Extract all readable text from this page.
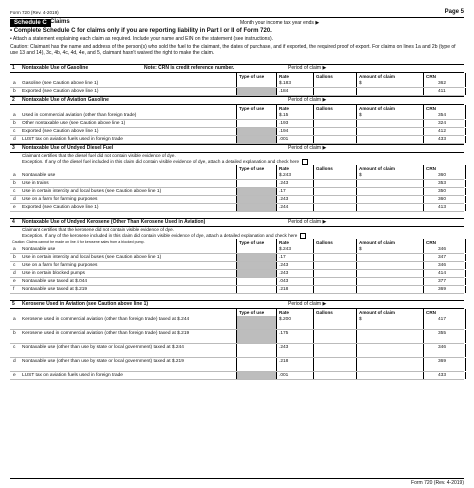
Form 720 (Rev. 4-2019)	Page 5
Schedule C Claims	Month your income tax year ends ▶
• Complete Schedule C for claims only if you are reporting liability in Part I or II of Form 720.
• Attach a statement explaining each claim as required. Include your name and EIN on the statement (see instructions).
Caution: Claimant has the name and address of the person(s) who sold the fuel to the claimant, the dates of purchase, and if exported, the required proof of export. For claims on lines 1a and 2b (type of use 13 and 14), 3c, 4b, 4c, 4d, 4e, and 5, claimant hasn't waived the right to make the claim.
1 Nontaxable Use of Gasoline	Note: CRN is credit reference number.	Period of claim ▶
Type of use	Rate	Gallons	Amount of claim	CRN
a Gasoline (see Caution above line 1)	$.183	$	362
b Exported (see Caution above line 1)	.184	411
2 Nontaxable Use of Aviation Gasoline	Period of claim ▶
Type of use	Rate	Gallons	Amount of claim	CRN
a Used in commercial aviation (other than foreign trade)	$.15	$	354
b Other nontaxable use (see Caution above line 1)	.193	324
c Exported (see Caution above line 1)	.194	412
d LUST tax on aviation fuels used in foreign trade	.001	433
3 Nontaxable Use of Undyed Diesel Fuel	Period of claim ▶
Claimant certifies that the diesel fuel did not contain visible evidence of dye.
Exception. If any of the diesel fuel included in this claim did contain visible evidence of dye, attach a detailed explanation and check here
Type of use	Rate	Gallons	Amount of claim	CRN
a Nontaxable use	$.243	$	360
b Use in trains	.243	353
c Use in certain intercity and local buses (see Caution above line 1)	.17	350
d Use on a farm for farming purposes	.243	360
e Exported (see Caution above line 1)	.244	413
4 Nontaxable Use of Undyed Kerosene (Other Than Kerosene Used in Aviation)	Period of claim ▶
Claimant certifies that the kerosene did not contain visible evidence of dye.
Exception. If any of the kerosene included in this claim did contain visible evidence of dye, attach a detailed explanation and check here
Caution: Claims cannot be made on line 4 for kerosene sales from a blocked pump.	Type of use	Rate	Gallons	Amount of claim	CRN
a Nontaxable use	$.243	$	346
b Use in certain intercity and local buses (see Caution above line 1)	.17	347
c Use on a farm for farming purposes	.243	346
d Use in certain blocked pumps	.243	414
e Nontaxable use taxed at $.044	.043	377
f Nontaxable use taxed at $.219	.218	369
5 Kerosene Used in Aviation (see Caution above line 1)	Period of claim ▶
Type of use	Rate	Gallons	Amount of claim	CRN
a Kerosene used in commercial aviation (other than foreign trade) taxed at $.244	$.200	$	417
b Kerosene used in commercial aviation (other than foreign trade) taxed at $.219	.175	355
c Nontaxable use (other than use by state or local government) taxed at $.244	.243	346
d Nontaxable use (other than use by state or local government) taxed at $.219	.218	369
e LUST tax on aviation fuels used in foreign trade	.001	433
Form 720 (Rev. 4-2019)
